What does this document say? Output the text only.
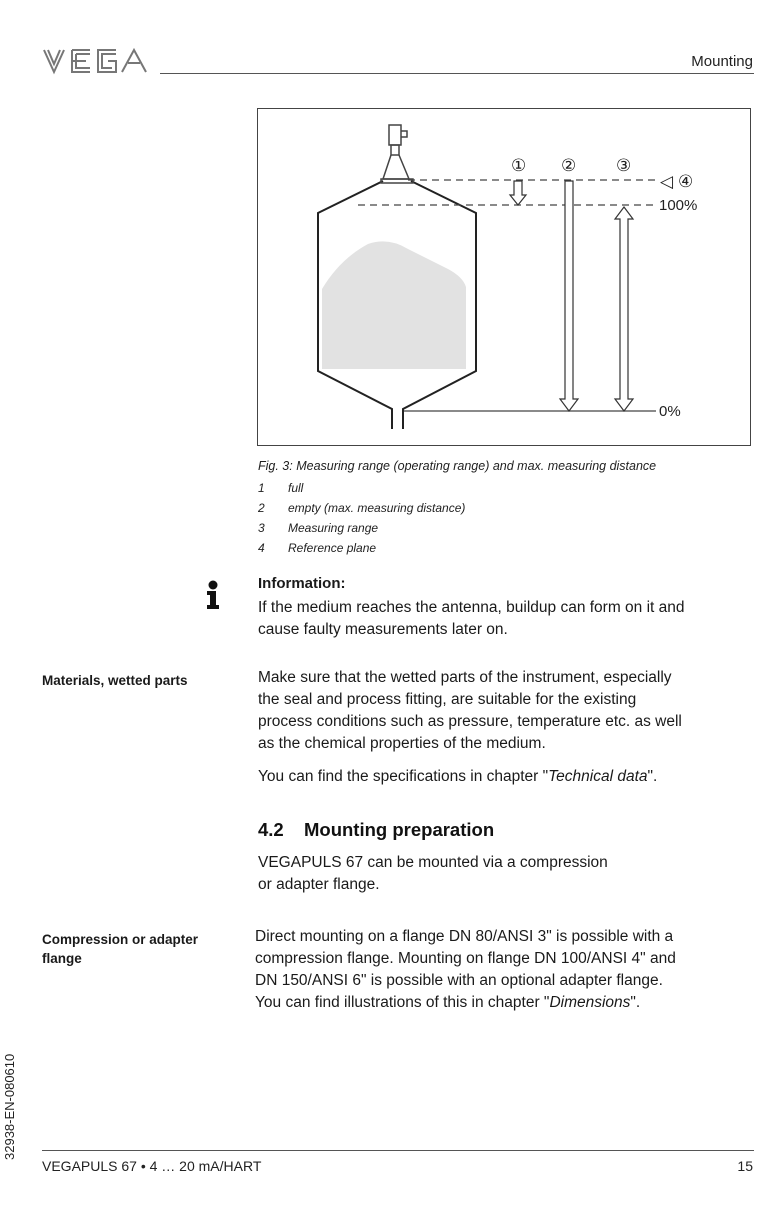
Mounting
① ② ③
◁ ④
100%
0%
Fig. 3: Measuring range (operating range) and max. measuring distance
1 full
2 empty (max. measuring distance)
3 Measuring range
4 Reference plane
Information:
If the medium reaches the antenna, buildup can form on it and
cause faulty measurements later on.
Materials, wetted parts	Make sure that the wetted parts of the instrument, especially
the seal and process fitting, are suitable for the existing
process conditions such as pressure, temperature etc. as well
as the chemical properties of the medium.
You can find the specifications in chapter "Technical data".
4.2 Mounting preparation
VEGAPULS 67 can be mounted via a compression
or adapter flange.
Compression or adapter
flange
Direct mounting on a flange DN 80/ANSI 3" is possible with a
compression flange. Mounting on flange DN 100/ANSI 4" and
DN 150/ANSI 6" is possible with an optional adapter flange.
You can find illustrations of this in chapter "Dimensions".
32938-EN-080610
VEGAPULS 67 • 4 … 20 mA/HART	15
